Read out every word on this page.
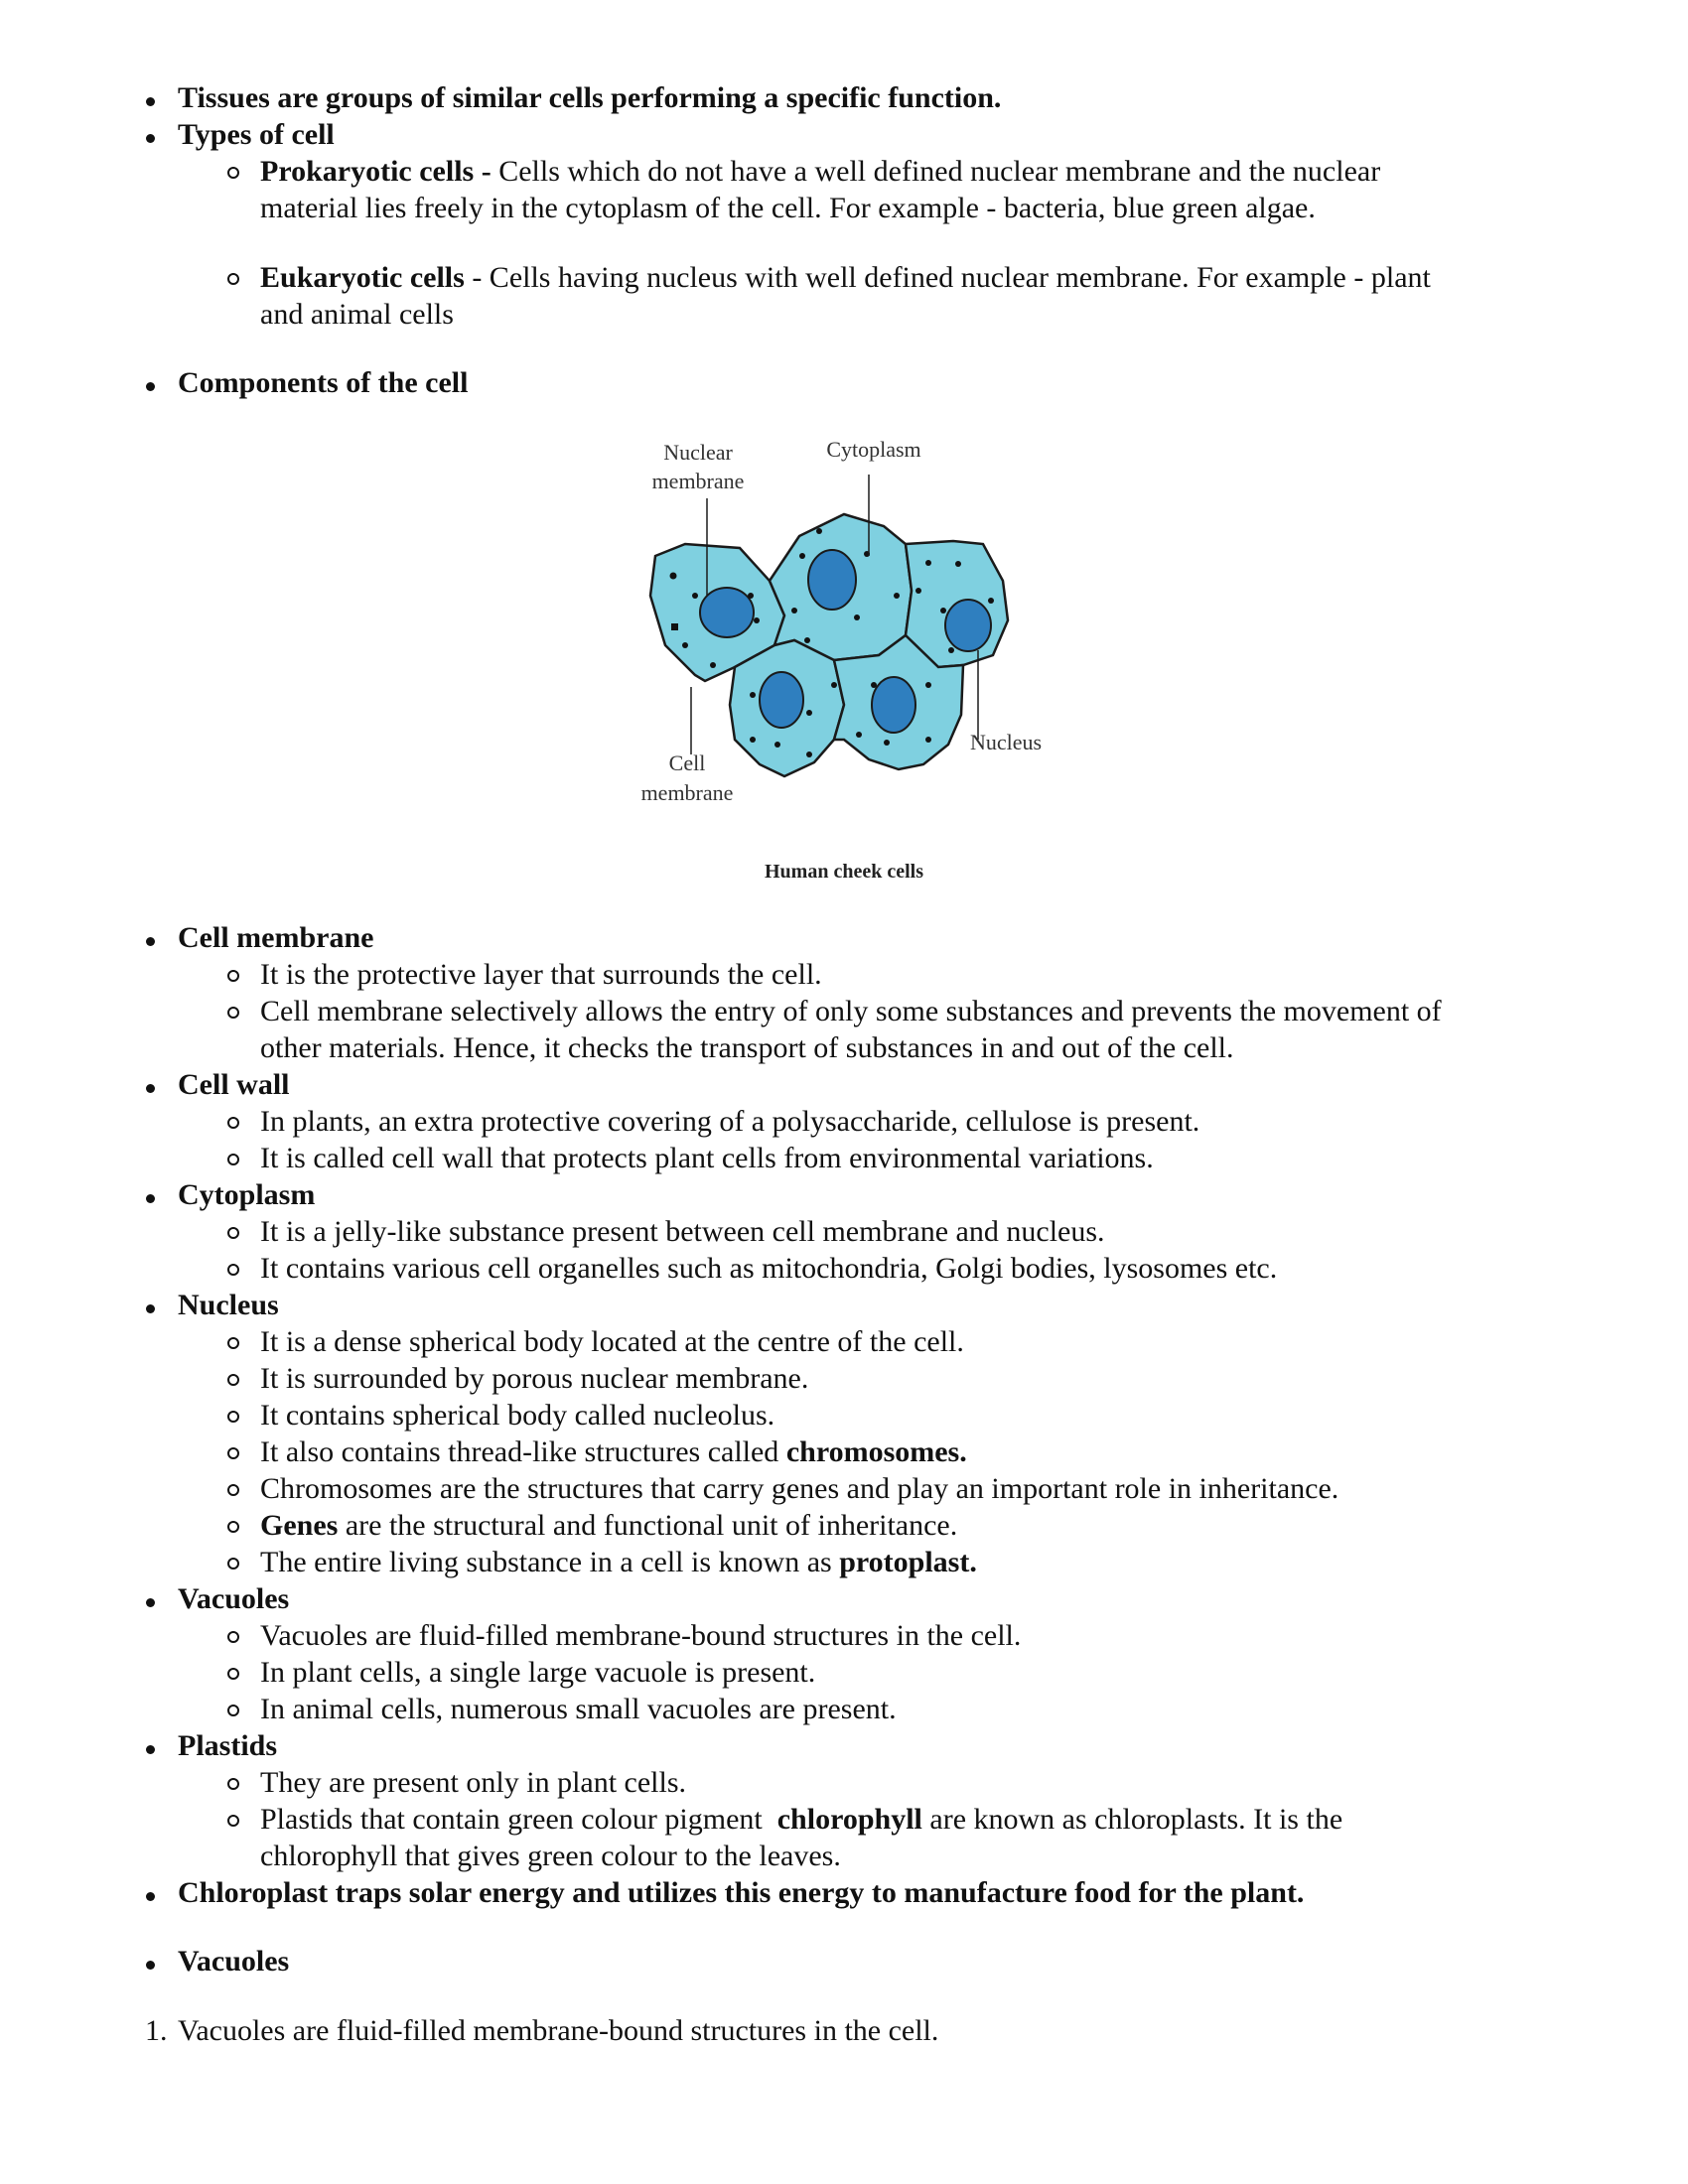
Tissues are groups of similar cells performing a specific function.
Types of cell
Prokaryotic cells - Cells which do not have a well defined nuclear membrane and the nuclear
material lies freely in the cytoplasm of the cell. For example - bacteria, blue green algae.
Eukaryotic cells - Cells having nucleus with well defined nuclear membrane. For example - plant
and animal cells
Components of the cell
Nuclear
membrane
Cytoplasm
Nucleus
Cell
membrane
Human cheek cells
Cell membrane
It is the protective layer that surrounds the cell.
Cell membrane selectively allows the entry of only some substances and prevents the movement of
other materials. Hence, it checks the transport of substances in and out of the cell.
Cell wall
In plants, an extra protective covering of a polysaccharide, cellulose is present.
It is called cell wall that protects plant cells from environmental variations.
Cytoplasm
It is a jelly-like substance present between cell membrane and nucleus.
It contains various cell organelles such as mitochondria, Golgi bodies, lysosomes etc.
Nucleus
It is a dense spherical body located at the centre of the cell.
It is surrounded by porous nuclear membrane.
It contains spherical body called nucleolus.
It also contains thread-like structures called chromosomes.
Chromosomes are the structures that carry genes and play an important role in inheritance.
Genes are the structural and functional unit of inheritance.
The entire living substance in a cell is known as protoplast.
Vacuoles
Vacuoles are fluid-filled membrane-bound structures in the cell.
In plant cells, a single large vacuole is present.
In animal cells, numerous small vacuoles are present.
Plastids
They are present only in plant cells.
Plastids that contain green colour pigment  chlorophyll are known as chloroplasts. It is the
chlorophyll that gives green colour to the leaves.
Chloroplast traps solar energy and utilizes this energy to manufacture food for the plant.
Vacuoles
1. Vacuoles are fluid-filled membrane-bound structures in the cell.
